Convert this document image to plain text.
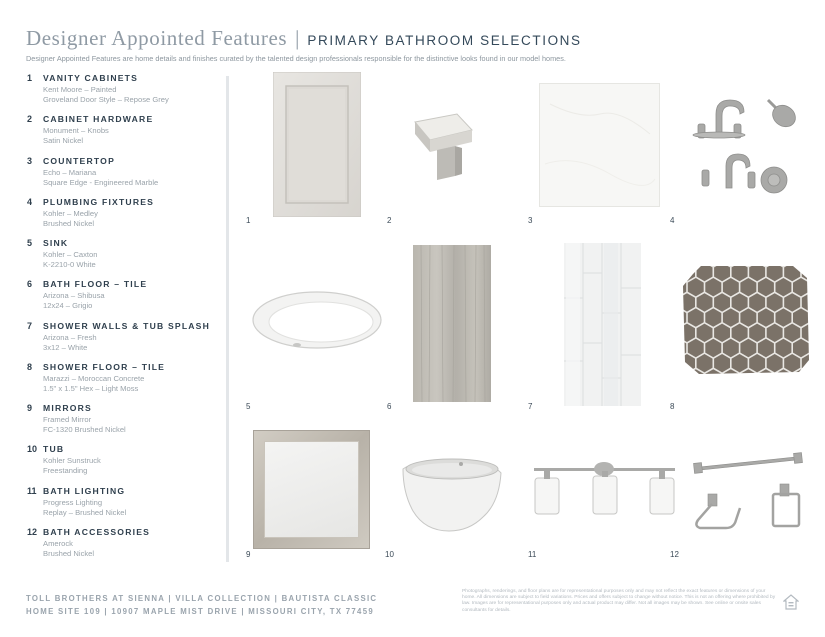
Designer Appointed Features | PRIMARY BATHROOM SELECTIONS
Designer Appointed Features are home details and finishes curated by the talented design professionals responsible for the distinctive looks found in our model homes.
1 VANITY CABINETS
Kent Moore – Painted
Groveland Door Style – Repose Grey
2 CABINET HARDWARE
Monument – Knobs
Satin Nickel
3 COUNTERTOP
Echo – Mariana
Square Edge - Engineered Marble
4 PLUMBING FIXTURES
Kohler – Medley
Brushed Nickel
5 SINK
Kohler – Caxton
K-2210-0 White
6 BATH FLOOR – TILE
Arizona – Shibusa
12x24 – Grigio
7 SHOWER WALLS & TUB SPLASH
Arizona – Fresh
3x12 – White
8 SHOWER FLOOR – TILE
Marazzi – Moroccan Concrete
1.5" x 1.5" Hex – Light Moss
9 MIRRORS
Framed Mirror
FC-1320 Brushed Nickel
10 TUB
Kohler Sunstruck
Freestanding
11 BATH LIGHTING
Progress Lighting
Replay – Brushed Nickel
12 BATH ACCESSORIES
Amerock
Brushed Nickel
1	2	3	4
5	6	7	8
9	10	11	12
TOLL BROTHERS AT SIENNA | VILLA COLLECTION | BAUTISTA CLASSIC
HOME SITE 109 | 10907 MAPLE MIST DRIVE | MISSOURI CITY, TX 77459
Photographs, renderings, and floor plans are for representational purposes only and may not reflect the exact features or dimensions of your home. All dimensions are subject to field variations. Prices and offers subject to change without notice. This is not an offering where prohibited by law. Images are for representational purposes only and actual product may differ. Not all images may be shown. See online or onsite sales consultants for details.
